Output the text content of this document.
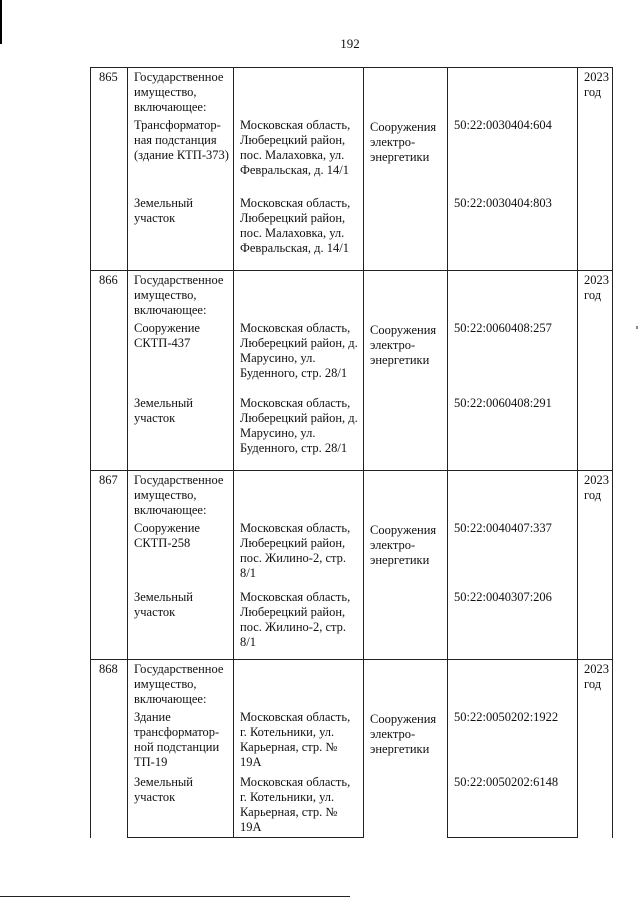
192
865	Государственное имущество, включающее:		Сооружения электро-энергетики		2023 год
	Трансформатор-ная подстанция (здание КТП-373)	Московская область, Люберецкий район, пос. Малаховка, ул. Февральская, д. 14/1		50:22:0030404:604	
	Земельный участок	Московская область, Люберецкий район, пос. Малаховка, ул. Февральская, д. 14/1		50:22:0030404:803	
866	Государственное имущество, включающее:		Сооружения электро-энергетики		2023 год
	Сооружение СКТП-437	Московская область, Люберецкий район, д. Марусино, ул. Буденного, стр. 28/1		50:22:0060408:257	
	Земельный участок	Московская область, Люберецкий район, д. Марусино, ул. Буденного, стр. 28/1		50:22:0060408:291	
867	Государственное имущество, включающее:		Сооружения электро-энергетики		2023 год
	Сооружение СКТП-258	Московская область, Люберецкий район, пос. Жилино-2, стр. 8/1		50:22:0040407:337	
	Земельный участок	Московская область, Люберецкий район, пос. Жилино-2, стр. 8/1		50:22:0040307:206	
868	Государственное имущество, включающее:		Сооружения электро-энергетики		2023 год
	Здание трансформатор-ной подстанции ТП-19	Московская область, г. Котельники, ул. Карьерная, стр. № 19А		50:22:0050202:1922	
	Земельный участок	Московская область, г. Котельники, ул. Карьерная, стр. № 19А		50:22:0050202:6148	
